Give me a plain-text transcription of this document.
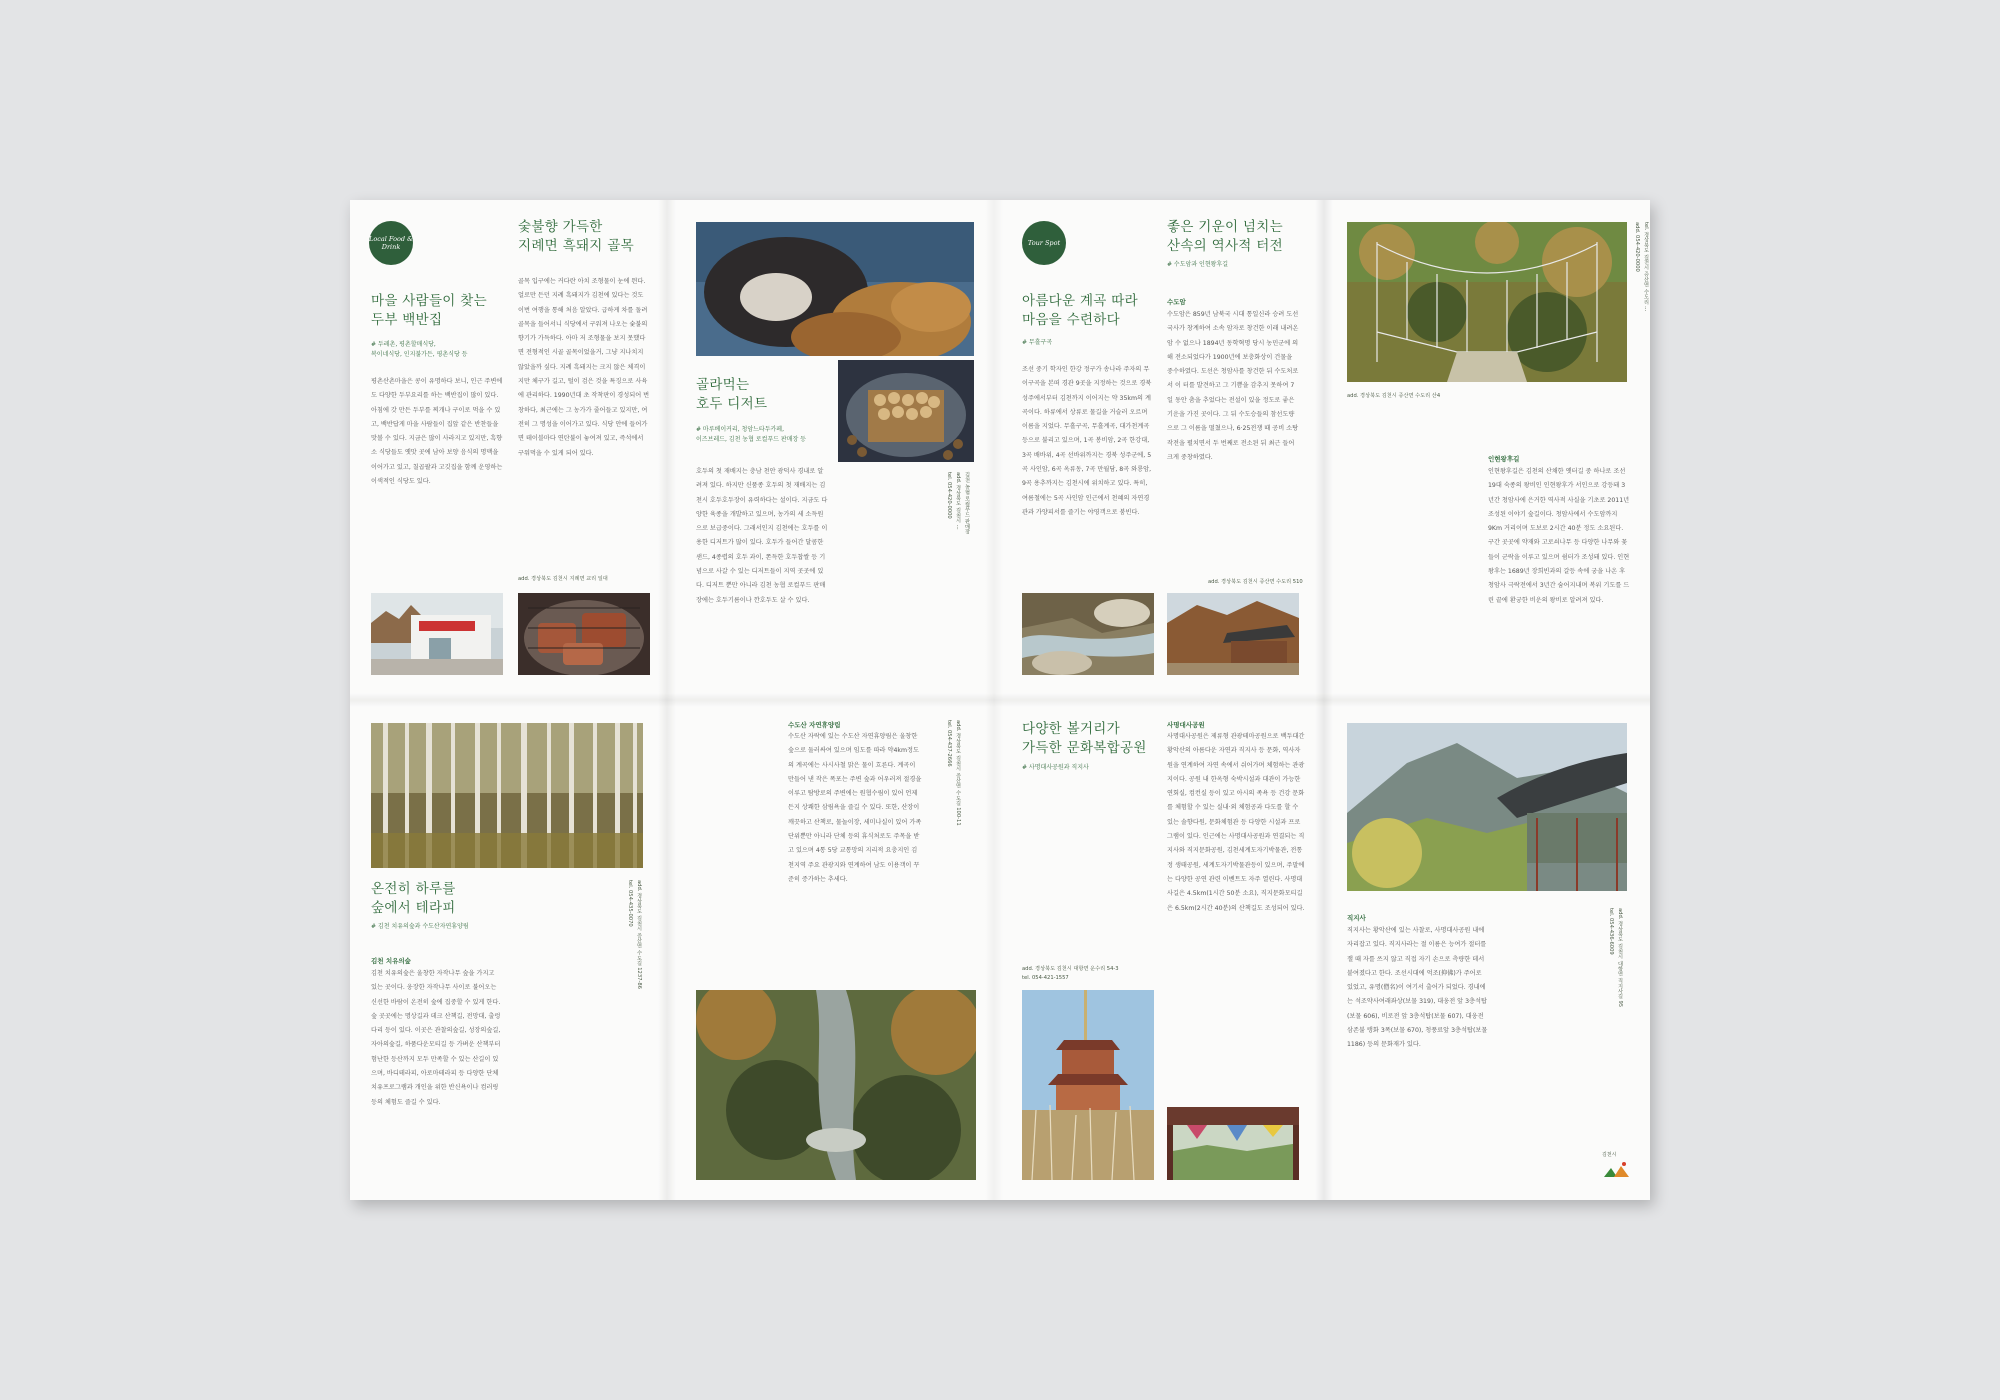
Local Food & Drink
숯불향 가득한
지례면 흑돼지 골목
마을 사람들이 찾는
두부 백반집
# 두레촌, 평촌할매식당,
복이네식당, 인지불가든, 평촌식당 등
평촌산촌마을은 콩이 유명하다 보니, 인근 주변에도 다양한 두부요리를 하는 백반집이 많이 있다. 아침에 갓 만든 두부를 찌개나 구이로 먹을 수 있고, 백반답게 마을 사람들이 집앞 같은 반찬들을 맛볼 수 있다. 지금은 많이 사라지고 있지만, 흑향소 식당들도 옛맛 곳에 남아 보양 음식의 명맥을 이어가고 있고, 칠곱팔과 고깃집을 함께 운영하는 이색적인 식당도 있다.
골목 입구에는 커다란 아치 조형물이 눈에 띈다. 얼로만 든던 지례 흑돼지가 김천에 있다는 것도 이번 여행을 통해 처음 알았다. 급하게 차를 돌려 골목을 들어서니 식당에서 구워져 나오는 숯불의 향기가 가득하다. 아마 저 조형물을 보지 못했다면 전형적인 시골 골목이었을거, 그냥 지나치지 않았을까 싶다. 지례 흑돼지는 크지 않은 체격이지만 체구가 길고, 털이 검은 것을 특징으로 사육에 관리하다. 1990년대 초 작착판이 경성되어 번창하다, 최근에는 그 농가가 줄어들고 있지만, 여전히 그 명성을 이어가고 있다. 식당 안에 들어가면 테이블마다 연탄불이 놓여져 있고, 즉석에서 구워먹을 수 있게 되어 있다.
add. 경상북도 김천시 지례면 교리 일대
골라먹는
호두 디저트
# 마루베이커리, 청암느타두카페,
이즈브레드, 김천 농협 로컬푸드 판매장 등
호두의 첫 재배지는 충남 천안 광덕사 경내로 알려져 있다. 하지만 신품종 호두의 첫 재배지는 김천시 호두호두장이 유력하다는 설이다. 지금도 다양한 육종을 개발하고 있으며, 농가의 세 소득원으로 보급중이다. 그래서인지 김천에는 호두를 이용한 디저트가 많이 있다. 호두가 들어간 달콤한 샌드, 4종렵의 호두 과이, 쫀득한 호두찹쌀 등 기념으로 사갈 수 있는 디저트들이 지역 곳곳에 있다. 디저트 뿐만 아니라 김천 농협 로컬푸드 판매장에는 호두기름이나 깐호두도 살 수 있다.
김천 농협 로컬푸드 판매장
add. 경상북도 김천시 ...
tel. 054-420-0000
Tour Spot
좋은 기운이 넘치는
산속의 역사적 터전
# 수도암과 인현왕후길
수도암
수도암은 859년 남북국 시대 통일신라 승려 도선국사가 창계하여 소속 암자로 창건한 이래 내려온 암 수 없으나 1894년 동학혁명 당시 농민군에 의해 전소되었다가 1900년에 보충화상이 건물을 중수하였다. 도선은 청암사를 창건한 뒤 수도처로서 이 터를 발견하고 그 기쁨을 감추지 못하여 7일 동안 춤을 추었다는 전설이 있을 정도로 좋은 기운을 가진 곳이다. 그 뒤 수도승들의 참선도량으로 그 이름을 떨쳤으나, 6·25전쟁 때 공비 소탕작전을 펼치면서 두 번째로 전소된 뒤 최근 들어 크게 중창하였다.
아름다운 계곡 따라
마음을 수련하다
# 무흘구곡
조선 중기 학자인 한강 정구가 송나라 주자의 무이구곡을 본떠 경관 9곳을 지정하는 것으로 경북 성주에서부터 김천까지 이어지는 약 35km의 계곡이다. 하류에서 상류로 물길을 거슬러 오르며 이름을 지었다. 무흘구곡, 무흘계곡, 대가천계곡 등으로 불리고 있으며, 1곡 봉비암, 2곡 한강대, 3곡 배바위, 4곡 선바위까지는 경북 성주군에, 5곡 사인암, 6곡 옥류동, 7곡 만월담, 8곡 와룡암, 9곡 용추까지는 김천시에 위치하고 있다. 특히, 여름철에는 5곡 사인암 인근에서 천혜의 자연경관과 가양피서를 즐기는 야영객으로 붐빈다.
add. 경상북도 김천시 증산면 수도리 510
add. 경상북도 김천시 증산면 수도리 산4
tel. 경상북도 김천시 증산면 수도리 ...
add. 054-420-0000
인현왕후길
인현왕후길은 김천의 산채한 옛터길 중 하나로 조선19대 숙종의 왕비인 인현왕후가 서인으로 강등돼 3년간 청암사에 은거한 역사적 사실을 기초로 2011년 조성된 이야기 숲길이다. 청암사에서 수도암까지 9Km 거리이며 도보로 2시간 40분 정도 소요된다. 구간 곳곳에 약재와 고로쇠나무 등 다양한 나무와 꽃들이 군락을 이루고 있으며 쉼터가 조성돼 있다. 인현왕후는 1689년 장희빈과의 갈등 속에 궁을 나온 후 청암사 극락전에서 3년간 숨어지내며 복위 기도를 드린 끝에 환궁한 비운의 왕비로 알려져 있다.
온전히 하루를
숲에서 테라피
# 김천 치유의숲과 수도산자연휴양림
김천 치유의숲
김천 치유의숲은 울창한 자작나무 숲을 가지고 있는 곳이다. 웅장한 자작나무 사이로 불어오는 신선한 바람이 온전히 숲에 집중할 수 있게 한다. 숲 곳곳에는 명상길과 데크 산책길, 전망대, 출렁다리 등이 있다. 이곳은 관찰의숲길, 성장의숲길, 자아의숲길, 하품다운모티길 등 가벼운 산책부터 험난한 등산까지 모두 만족할 수 있는 산길이 있으며, 바디테라피, 아로마테라피 등 다양한 단체 치유프로그램과 개인을 위한 반신욕이나 컴러링 등의 체험도 즐길 수 있다.
add. 경상북도 김천시 증산면 수도길 1237-86
tel. 054-435-0070
수도산 자연휴양림
수도산 자락에 있는 수도산 자연휴양림은 울창한 숲으로 둘러싸여 있으며 임도를 따라 약4km정도의 계곡에는 사시사철 맑은 물이 흐른다. 계곡이 만들어 낸 작은 폭포는 주변 숲과 어우러져 절경을 이루고 탐방로의 주변에는 원협수림이 있어 언제든지 상쾌한 삼림욕을 즐길 수 있다. 또한, 산장이 깨끗하고 산책로, 물놀이장, 세미나실이 있어 가족 단위뿐만 아니라 단체 등의 휴식처로도 주목을 받고 있으며 4통 5당 교통망의 지리적 요충지인 김천지역 주요 관광지와 연계하여 남도 이용객이 꾸준히 증가하는 추세다.
add. 경상북도 김천시 증산면 수도길 100-11
tel. 054-437-2666
다양한 볼거리가
가득한 문화복합공원
# 사명대사공원과 직지사
사명대사공원
사명대사공원은 제류형 관광테마공원으로 백두대간 황악산의 아름다운 자연과 직지사 등 문화, 역사자원을 연계하여 자연 속에서 쉬어가며 체험하는 관광지이다. 공원 내 한옥형 숙박시설과 대관이 가능한 연회실, 컴컨실 등이 있고 아시의 족욕 등 건강 문화를 체험할 수 있는 실내·외 체험공과 다도를 할 수 있는 솔향다원, 문화체험관 등 다양한 시설과 프로그램이 있다. 인근에는 사명대사공원과 연결되는 직지사와 직지문화공원, 김천세계도자기박물관, 전통정 생태공원, 세계도자기박물관등이 있으며, 주말에는 다양한 공연 관련 이벤트도 자주 열린다. 사명대사길은 4.5km(1시간 50분 소요), 직지문화모티길은 6.5km(2시간 40분)의 산책길도 조성되어 있다.
add. 경상북도 김천시 대항면 운수리 54-3
tel. 054-421-1557
직지사
직지사는 황악산에 있는 사찰로, 사명대사공원 내에 자리잡고 있다. 직지사라는 절 이름은 능여가 절터를 잴 때 자를 쓰지 않고 직접 자기 손으로 측량한 데서 붙여졌다고 한다. 조선시대에 억조(抑佛)가 주어로 있었고, 유명(僧名)이 여기서 출어가 되었다. 경내에는 석조약사여래좌상(보물 319), 대웅전 앞 3층석탑(보물 606), 비로전 앞 3층석탑(보물 607), 대웅전 삼존불 탱화 3폭(보물 670), 청풍료앞 3층석탑(보물 1186) 등의 문화재가 있다.
add. 경상북도 김천시 대항면 직지사길 95
tel. 054-436-6009
김천시
